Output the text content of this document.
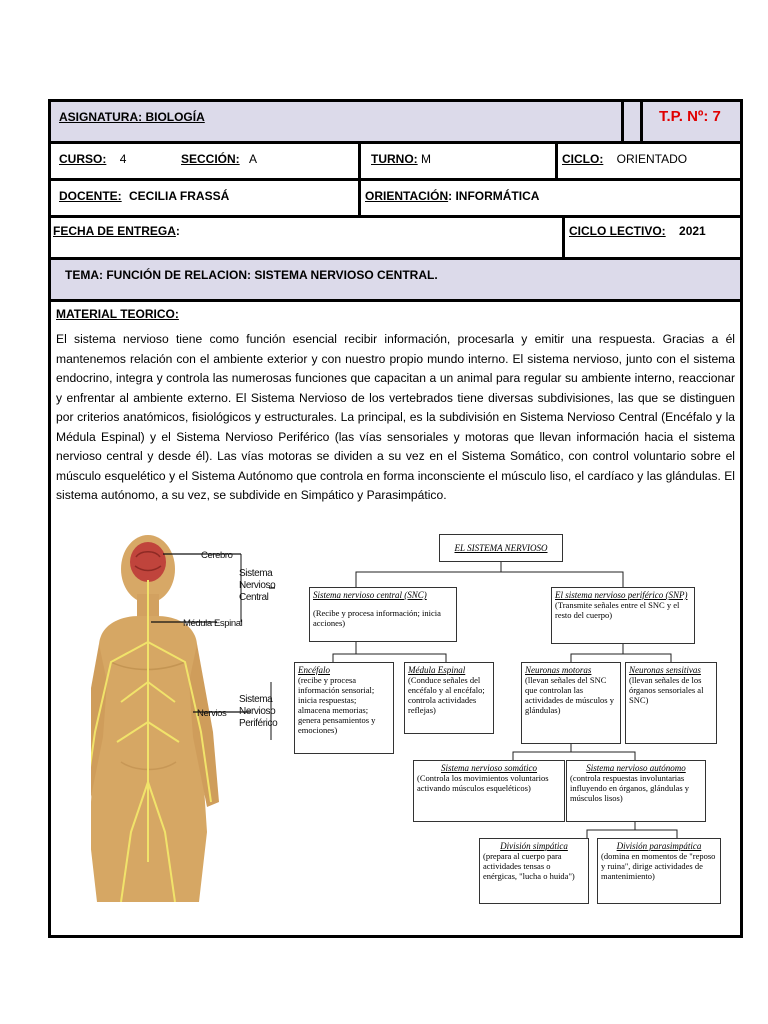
ASIGNATURA: BIOLOGÍA	T.P. Nº: 7
CURSO: 4	SECCIÓN: A	TURNO: M	CICLO: ORIENTADO
DOCENTE: CECILIA FRASSÁ	ORIENTACIÓN: INFORMÁTICA
FECHA DE ENTREGA:	CICLO LECTIVO: 2021
TEMA: FUNCIÓN DE RELACION: SISTEMA NERVIOSO CENTRAL.
MATERIAL TEORICO:
El sistema nervioso tiene como función esencial recibir información, procesarla y emitir una respuesta. Gracias a él mantenemos relación con el ambiente exterior y con nuestro propio mundo interno. El sistema nervioso, junto con el sistema endocrino, integra y controla las numerosas funciones que capacitan a un animal para regular su ambiente interno, reaccionar y enfrentar al ambiente externo. El Sistema Nervioso de los vertebrados tiene diversas subdivisiones, las que se distinguen por criterios anatómicos, fisiológicos y estructurales. La principal, es la subdivisión en Sistema Nervioso Central (Encéfalo y la Médula Espinal) y el Sistema Nervioso Periférico (las vías sensoriales y motoras que llevan información hacia el sistema nervioso central y desde él). Las vías motoras se dividen a su vez en el Sistema Somático, con control voluntario sobre el músculo esquelético y el Sistema Autónomo que controla en forma inconsciente el músculo liso, el cardíaco y las glándulas. El sistema autónomo, a su vez, se subdivide en Simpático y Parasimpático.
Cerebro
Médula Espinal
Nervios
Sistema Nervioso Central
Sistema Nervioso Periférico
EL SISTEMA NERVIOSO
Sistema nervioso central (SNC)
(Recibe y procesa información; inicia acciones)
El sistema nervioso periférico (SNP)
(Transmite señales entre el SNC y el resto del cuerpo)
Encéfalo
(recibe y procesa información sensorial; inicia respuestas; almacena memorias; genera pensamientos y emociones)
Médula Espinal
(Conduce señales del encéfalo y al encéfalo; controla actividades reflejas)
Neuronas motoras
(llevan señales del SNC que controlan las actividades de músculos y glándulas)
Neuronas sensitivas
(llevan señales de los órganos sensoriales al SNC)
Sistema nervioso somático
(Controla los movimientos voluntarios activando músculos esqueléticos)
Sistema nervioso autónomo
(controla respuestas involuntarias influyendo en órganos, glándulas y músculos lisos)
División simpática
(prepara al cuerpo para actividades tensas o enérgicas, "lucha o huida")
División parasimpática
(domina en momentos de "reposo y ruina", dirige actividades de mantenimiento)
